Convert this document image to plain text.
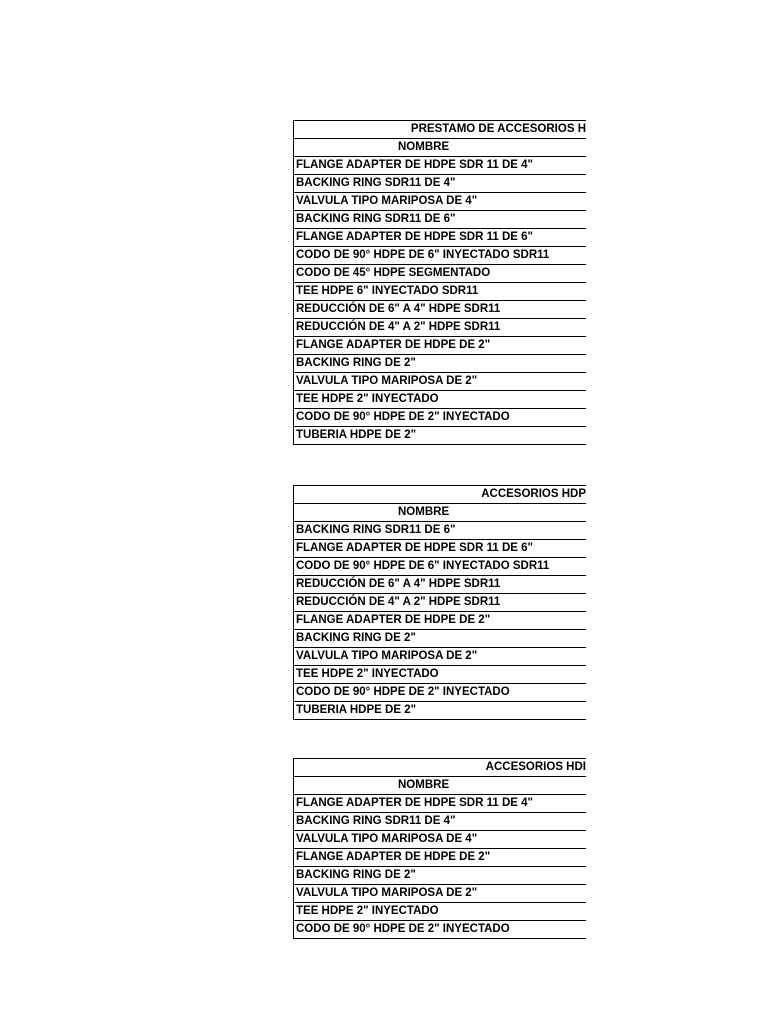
PRESTAMO DE ACCESORIOS H
NOMBRE
FLANGE ADAPTER DE HDPE SDR 11 DE 4"
BACKING RING SDR11 DE 4"
VALVULA TIPO MARIPOSA DE 4"
BACKING RING SDR11 DE 6"
FLANGE ADAPTER DE HDPE SDR 11 DE 6"
CODO DE 90° HDPE DE 6" INYECTADO SDR11
CODO DE 45° HDPE SEGMENTADO
TEE HDPE 6" INYECTADO SDR11
REDUCCIÓN DE 6" A 4" HDPE SDR11
REDUCCIÓN DE 4" A 2" HDPE SDR11
FLANGE ADAPTER DE HDPE DE 2"
BACKING RING DE 2"
VALVULA TIPO MARIPOSA DE 2"
TEE HDPE 2" INYECTADO
CODO DE 90° HDPE DE 2" INYECTADO
TUBERIA HDPE DE 2"
ACCESORIOS HDP
NOMBRE
BACKING RING SDR11 DE 6"
FLANGE ADAPTER DE HDPE SDR 11 DE 6"
CODO DE 90° HDPE DE 6" INYECTADO SDR11
REDUCCIÓN DE 6" A 4" HDPE SDR11
REDUCCIÓN DE 4" A 2" HDPE SDR11
FLANGE ADAPTER DE HDPE DE 2"
BACKING RING DE 2"
VALVULA TIPO MARIPOSA DE 2"
TEE HDPE 2" INYECTADO
CODO DE 90° HDPE DE 2" INYECTADO
TUBERIA HDPE DE 2"
ACCESORIOS HDI
NOMBRE
FLANGE ADAPTER DE HDPE SDR 11 DE 4"
BACKING RING SDR11 DE 4"
VALVULA TIPO MARIPOSA DE 4"
FLANGE ADAPTER DE HDPE DE 2"
BACKING RING DE 2"
VALVULA TIPO MARIPOSA DE 2"
TEE HDPE 2" INYECTADO
CODO DE 90° HDPE DE 2" INYECTADO
